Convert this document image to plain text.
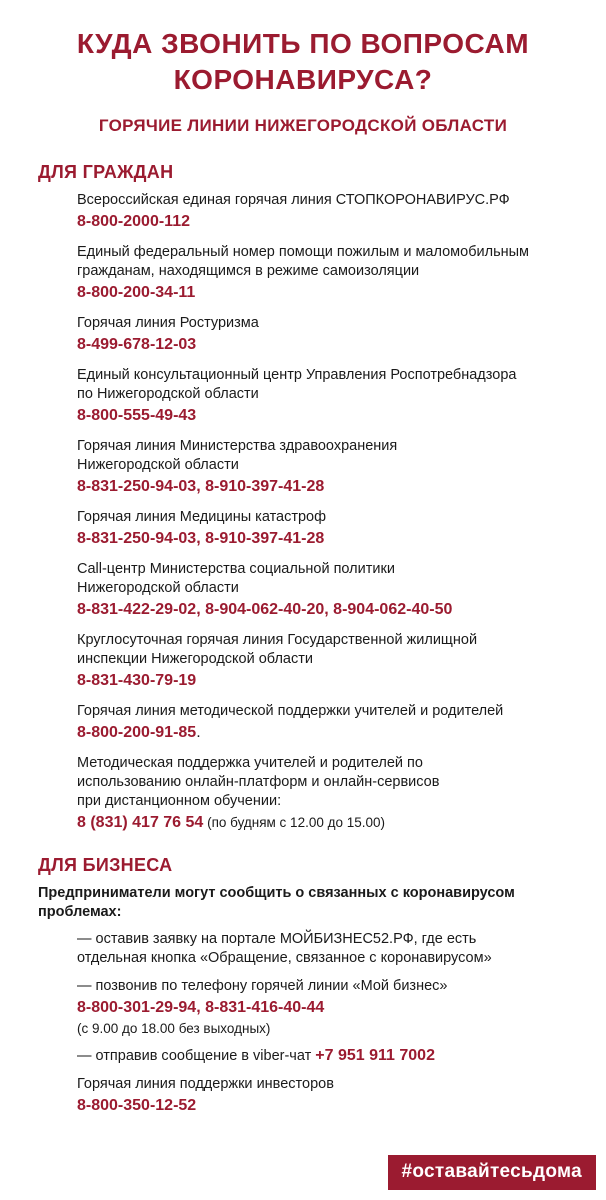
КУДА ЗВОНИТЬ ПО ВОПРОСАМ
КОРОНАВИРУСА?
ГОРЯЧИЕ ЛИНИИ НИЖЕГОРОДСКОЙ ОБЛАСТИ
ДЛЯ ГРАЖДАН
Всероссийская единая горячая линия СТОПКОРОНАВИРУС.РФ
8-800-2000-112
Единый федеральный номер помощи пожилым и маломобильным
гражданам, находящимся в режиме самоизоляции
8-800-200-34-11
Горячая линия Ростуризма
8-499-678-12-03
Единый консультационный центр Управления Роспотребнадзора
по Нижегородской области
8-800-555-49-43
Горячая линия Министерства здравоохранения
Нижегородской области
8-831-250-94-03, 8-910-397-41-28
Горячая линия Медицины катастроф
8-831-250-94-03, 8-910-397-41-28
Call-центр Министерства социальной политики
Нижегородской области
8-831-422-29-02, 8-904-062-40-20, 8-904-062-40-50
Круглосуточная горячая линия Государственной жилищной
инспекции Нижегородской области
8-831-430-79-19
Горячая линия методической поддержки учителей и родителей
8-800-200-91-85.
Методическая поддержка учителей и родителей по
использованию онлайн-платформ и онлайн-сервисов
при дистанционном обучении:
8 (831) 417 76 54 (по будням с 12.00 до 15.00)
ДЛЯ БИЗНЕСА
Предприниматели могут сообщить о связанных с коронавирусом
проблемах:
— оставив заявку на портале МОЙБИЗНЕС52.РФ, где есть
отдельная кнопка «Обращение, связанное с коронавирусом»
— позвонив по телефону горячей линии «Мой бизнес»
8-800-301-29-94, 8-831-416-40-44
(с 9.00 до 18.00 без выходных)
— отправив сообщение в viber-чат +7 951 911 7002
Горячая линия поддержки инвесторов
8-800-350-12-52
#оставайтесьдома
